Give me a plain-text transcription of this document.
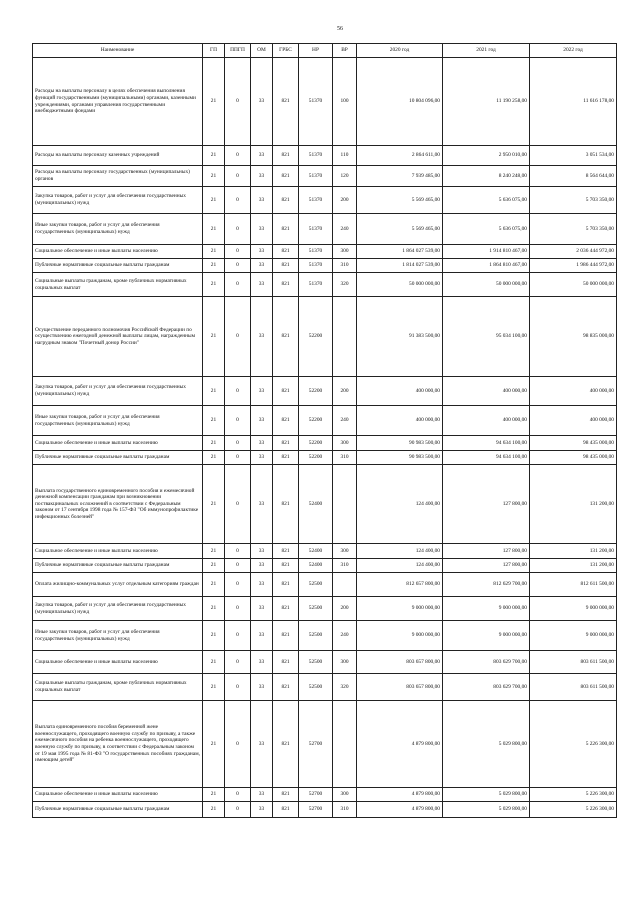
56
Наименование	ГП	ППГП	ОМ	ГРБС	НР	ВР	2020 год	2021 год	2022 год
Расходы на выплаты персоналу в целях обеспечения выполнения функций государственными (муниципальными) органами, казенными учреждениями, органами управления государственными внебюджетными фондами	21	0	33	821	51370	100	10 804 096,00	11 190 258,00	11 616 178,00
Расходы на выплаты персоналу казенных учреждений	21	0	33	821	51370	110	2 864 611,00	2 950 010,00	3 051 534,00
Расходы на выплаты персоналу государственных (муниципальных) органов	21	0	33	821	51370	120	7 939 485,00	8 240 248,00	8 564 644,00
Закупка товаров, работ и услуг для обеспечения государственных (муниципальных) нужд	21	0	33	821	51370	200	5 569 465,00	5 636 075,00	5 703 350,00
Иные закупки товаров, работ и услуг для обеспечения государственных (муниципальных) нужд	21	0	33	821	51370	240	5 569 465,00	5 636 075,00	5 703 350,00
Социальное обеспечение и иные выплаты населению	21	0	33	821	51370	300	1 864 027 539,00	1 914 810 467,00	2 036 444 972,00
Публичные нормативные социальные выплаты гражданам	21	0	33	821	51370	310	1 814 027 539,00	1 864 810 467,00	1 986 444 972,00
Социальные выплаты гражданам, кроме публичных нормативных социальных выплат	21	0	33	821	51370	320	50 000 000,00	50 000 000,00	50 000 000,00
Осуществление переданного полномочия Российской Федерации по осуществлению ежегодной денежной выплаты лицам, награжденным нагрудным знаком "Почетный донор России"	21	0	33	821	52200		91 383 500,00	95 034 100,00	98 835 000,00
Закупка товаров, работ и услуг для обеспечения государственных (муниципальных) нужд	21	0	33	821	52200	200	400 000,00	400 000,00	400 000,00
Иные закупки товаров, работ и услуг для обеспечения государственных (муниципальных) нужд	21	0	33	821	52200	240	400 000,00	400 000,00	400 000,00
Социальное обеспечение и иные выплаты населению	21	0	33	821	52200	300	90 983 500,00	94 634 100,00	98 435 000,00
Публичные нормативные социальные выплаты гражданам	21	0	33	821	52200	310	90 983 500,00	94 634 100,00	98 435 000,00
Выплата государственного единовременного пособия и ежемесячной денежной компенсации гражданам при возникновении поствакцинальных осложнений в соответствии с Федеральным законом от 17 сентября 1998 года № 157-ФЗ "Об иммунопрофилактике инфекционных болезней"	21	0	33	821	52400		124 400,00	127 800,00	131 200,00
Социальное обеспечение и иные выплаты населению	21	0	33	821	52400	300	124 400,00	127 800,00	131 200,00
Публичные нормативные социальные выплаты гражданам	21	0	33	821	52400	310	124 400,00	127 800,00	131 200,00
Оплата жилищно-коммунальных услуг отдельным категориям граждан	21	0	33	821	52500		812 657 800,00	812 629 700,00	812 611 500,00
Закупка товаров, работ и услуг для обеспечения государственных (муниципальных) нужд	21	0	33	821	52500	200	9 000 000,00	9 000 000,00	9 000 000,00
Иные закупки товаров, работ и услуг для обеспечения государственных (муниципальных) нужд	21	0	33	821	52500	240	9 000 000,00	9 000 000,00	9 000 000,00
Социальное обеспечение и иные выплаты населению	21	0	33	821	52500	300	803 657 800,00	803 629 700,00	803 611 500,00
Социальные выплаты гражданам, кроме публичных нормативных социальных выплат	21	0	33	821	52500	320	803 657 800,00	803 629 700,00	803 611 500,00
Выплата единовременного пособия беременной жене военнослужащего, проходящего военную службу по призыву, а также ежемесячного пособия на ребенка военнослужащего, проходящего военную службу по призыву, в соответствии с Федеральным законом от 19 мая 1995 года № 81-ФЗ "О государственных пособиях гражданам, имеющим детей"	21	0	33	821	52700		4 879 800,00	5 029 800,00	5 226 300,00
Социальное обеспечение и иные выплаты населению	21	0	33	821	52700	300	4 879 800,00	5 029 800,00	5 226 300,00
Публичные нормативные социальные выплаты гражданам	21	0	33	821	52700	310	4 879 800,00	5 029 800,00	5 226 300,00
